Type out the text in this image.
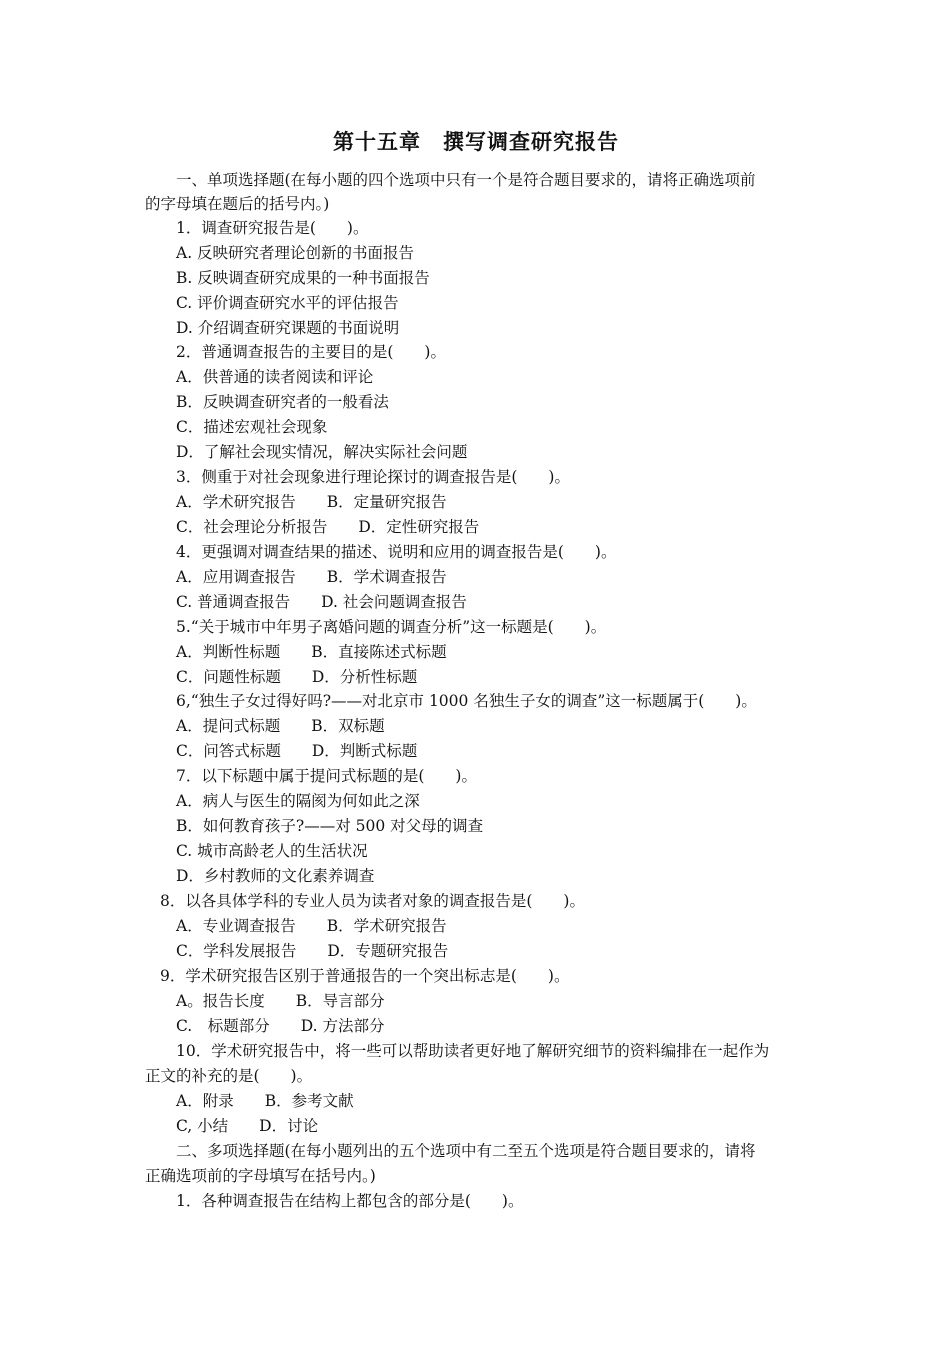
第十五章　撰写调查研究报告
一、单项选择题(在每小题的四个选项中只有一个是符合题目要求的，请将正确选项前
的字母填在题后的括号内。)
1．调查研究报告是(　　)。
A. 反映研究者理论创新的书面报告
B. 反映调查研究成果的一种书面报告
C. 评价调查研究水平的评估报告
D. 介绍调查研究课题的书面说明
2．普通调查报告的主要目的是(　　)。
A．供普通的读者阅读和评论
B．反映调查研究者的一般看法
C．描述宏观社会现象
D．了解社会现实情况，解决实际社会问题
3．侧重于对社会现象进行理论探讨的调查报告是(　　)。
A．学术研究报告　　B．定量研究报告
C．社会理论分析报告　　D．定性研究报告
4．更强调对调查结果的描述、说明和应用的调查报告是(　　)。
A．应用调查报告　　B．学术调查报告
C. 普通调查报告　　D. 社会问题调查报告
5.“关于城市中年男子离婚问题的调查分析”这一标题是(　　)。
A．判断性标题　　B．直接陈述式标题
C．问题性标题　　D．分析性标题
6,“独生子女过得好吗?——对北京市 1000 名独生子女的调查”这一标题属于(　　)。
A．提问式标题　　B．双标题
C．问答式标题　　D．判断式标题
7．以下标题中属于提问式标题的是(　　)。
A．病人与医生的隔阂为何如此之深
B．如何教育孩子?——对 500 对父母的调查
C. 城市高龄老人的生活状况
D．乡村教师的文化素养调查
8．以各具体学科的专业人员为读者对象的调查报告是(　　)。
A．专业调查报告　　B．学术研究报告
C．学科发展报告　　D．专题研究报告
9．学术研究报告区别于普通报告的一个突出标志是(　　)。
A。报告长度　　B．导言部分
C.　标题部分　　D. 方法部分
10．学术研究报告中，将一些可以帮助读者更好地了解研究细节的资料编排在一起作为
正文的补充的是(　　)。
A．附录　　B．参考文献
C, 小结　　D．讨论
二、多项选择题(在每小题列出的五个选项中有二至五个选项是符合题目要求的，请将
正确选项前的字母填写在括号内。)
1．各种调查报告在结构上都包含的部分是(　　)。
